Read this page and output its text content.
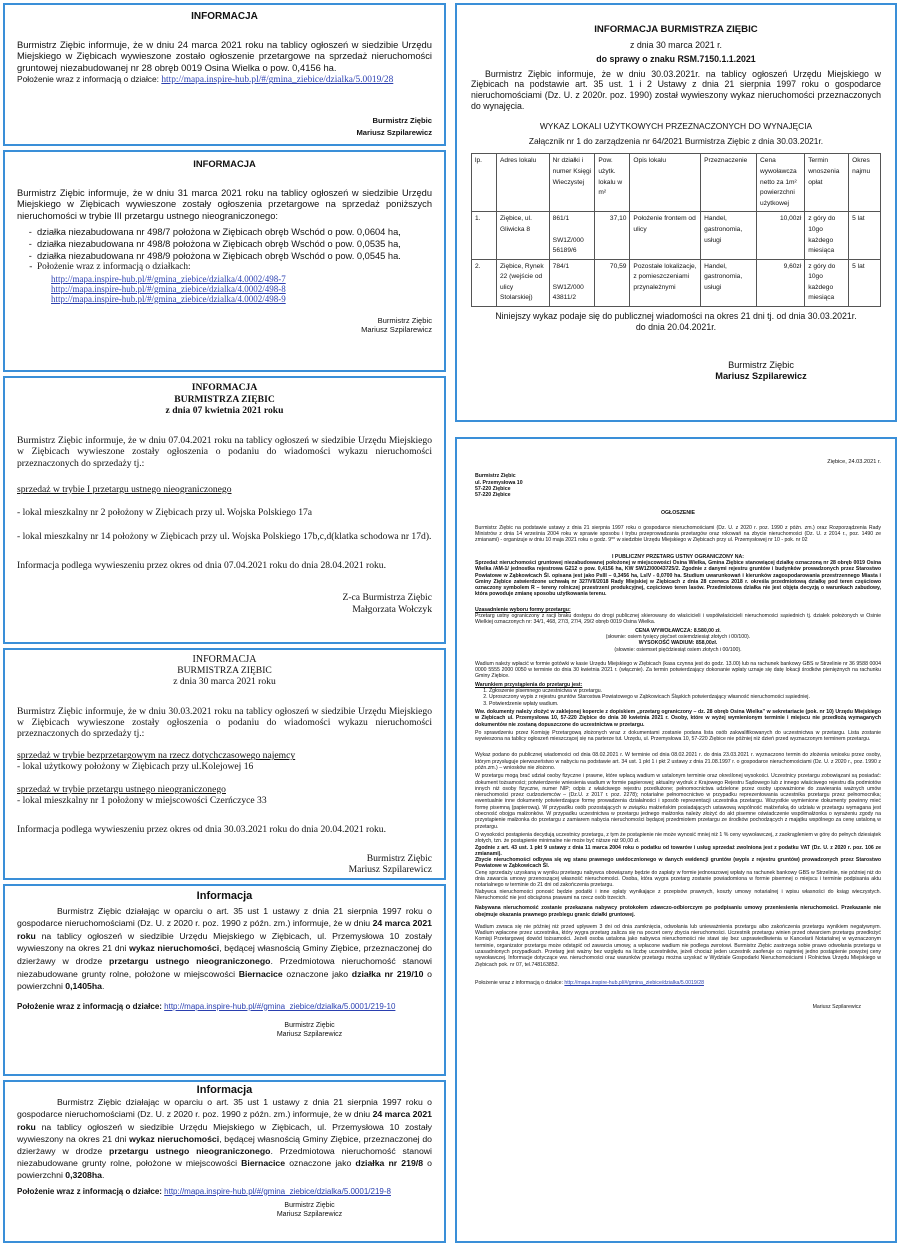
INFORMACJA

Burmistrz Ziębic informuje, że w dniu 24 marca 2021 roku na tablicy ogłoszeń w siedzibie Urzędu Miejskiego w Ziębicach wywieszone zostało ogłoszenie przetargowe na sprzedaż nieruchomości gruntowej niezabudowanej nr 28 obręb 0019 Osina Wielka o pow. 0,4156 ha.

Położenie wraz z informacją o działce: http://mapa.inspire-hub.pl/#/gmina_ziebice/dzialka/5.0019/28

Burmistrz Ziębic

Mariusz Szpilarewicz

INFORMACJA

Burmistrz Ziębic informuje, że w dniu 31 marca 2021 roku na tablicy ogłoszeń w siedzibie Urzędu Miejskiego w Ziębicach wywieszone zostały ogłoszenia przetargowe na sprzedaż poniższych nieruchomości w trybie III przetargu ustnego nieograniczonego:

- działka niezabudowana nr 498/7 położona w Ziębicach obręb Wschód o pow. 0,0604 ha,
- działka niezabudowana nr 498/8 położona w Ziębicach obręb Wschód o pow. 0,0535 ha,
- działka niezabudowana nr 498/9 położona w Ziębicach obręb Wschód o pow. 0,0545 ha.
- Położenie wraz z informacją o działkach:
http://mapa.inspire-hub.pl/#/gmina_ziebice/dzialka/4.0002/498-7
http://mapa.inspire-hub.pl/#/gmina_ziebice/dzialka/4.0002/498-8
http://mapa.inspire-hub.pl/#/gmina_ziebice/dzialka/4.0002/498-9

Burmistrz Ziębic

Mariusz Szpilarewicz

INFORMACJA

BURMISTRZA ZIĘBIC

z dnia 07 kwietnia 2021 roku

Burmistrz Ziębic informuje, że w dniu 07.04.2021 roku na tablicy ogłoszeń w siedzibie Urzędu Miejskiego w Ziębicach wywieszone zostały ogłoszenia o podaniu do wiadomości wykazu nieruchomości przeznaczonych do sprzedaży tj.:

sprzedaż w trybie I przetargu ustnego nieograniczonego

- lokal mieszkalny nr 2 położony w Ziębicach przy ul. Wojska Polskiego 17a

- lokal mieszkalny nr 14 położony w Ziębicach przy ul. Wojska Polskiego 17b,c,d(klatka schodowa nr 17d).

Informacja podlega wywieszeniu przez okres od dnia 07.04.2021 roku do dnia 28.04.2021 roku.

Z-ca Burmistrza Ziębic

Małgorzata Wołczyk

INFORMACJA

BURMISTRZA ZIĘBIC

z dnia 30 marca 2021 roku

Burmistrz Ziębic informuje, że w dniu 30.03.2021 roku na tablicy ogłoszeń w siedzibie Urzędu Miejskiego w Ziębicach wywieszone zostały ogłoszenia o podaniu do wiadomości wykazu nieruchomości przeznaczonych do sprzedaży tj.:

sprzedaż w trybie bezprzetargowym na rzecz dotychczasowego najemcy

- lokal użytkowy położony w Ziębicach przy ul.Kolejowej 16

sprzedaż w trybie przetargu ustnego nieograniczonego

- lokal mieszkalny nr 1 położony w miejscowości Czerńczyce 33

Informacja podlega wywieszeniu przez okres od dnia 30.03.2021 roku do dnia 20.04.2021 roku.

Burmistrz Ziębic

Mariusz Szpilarewicz

Informacja

Burmistrz Ziębic działając w oparciu o art. 35 ust 1 ustawy z dnia 21 sierpnia 1997 roku o gospodarce nieruchomościami (Dz. U. z 2020 r. poz. 1990 z późn. zm.) informuje, że w dniu 24 marca 2021 roku na tablicy ogłoszeń w siedzibie Urzędu Miejskiego w Ziębicach, ul. Przemysłowa 10 zostały wywieszony na okres 21 dni wykaz nieruchomości, będącej własnością Gminy Ziębice, przeznaczonej do dzierżawy w drodze przetargu ustnego nieograniczonego. Przedmiotowa nieruchomość stanowi niezabudowane grunty rolne, położone w miejscowości Biernacice oznaczone jako działka nr 219/10 o powierzchni 0,1405ha.

Położenie wraz z informacją o działce: http://mapa.inspire-hub.pl/#/gmina_ziebice/dzialka/5.0001/219-10

Burmistrz Ziębic

Mariusz Szpilarewicz

Informacja

Burmistrz Ziębic działając w oparciu o art. 35 ust 1 ustawy z dnia 21 sierpnia 1997 roku o gospodarce nieruchomościami (Dz. U. z 2020 r. poz. 1990 z późn. zm.) informuje, że w dniu 24 marca 2021 roku na tablicy ogłoszeń w siedzibie Urzędu Miejskiego w Ziębicach, ul. Przemysłowa 10 zostały wywieszony na okres 21 dni wykaz nieruchomości, będącej własnością Gminy Ziębice, przeznaczonej do dzierżawy w drodze przetargu ustnego nieograniczonego. Przedmiotowa nieruchomość stanowi niezabudowane grunty rolne, położone w miejscowości Biernacice oznaczone jako działka nr 219/8 o powierzchni 0,3208ha.

Położenie wraz z informacją o działce: http://mapa.inspire-hub.pl/#/gmina_ziebice/dzialka/5.0001/219-8

Burmistrz Ziębic

Mariusz Szpilarewicz

INFORMACJA BURMISTRZA ZIĘBIC

z dnia 30 marca 2021 r.

do sprawy o znaku RSM.7150.1.1.2021

Burmistrz Ziębic informuje, że w dniu 30.03.2021r. na tablicy ogłoszeń Urzędu Miejskiego w Ziębicach na podstawie art. 35 ust. 1 i 2 Ustawy z dnia 21 sierpnia 1997 roku o gospodarce nieruchomościami (Dz. U. z 2020r. poz. 1990) został wywieszony wykaz nieruchomości przeznaczonych do wynajęcia.

WYKAZ LOKALI UŻYTKOWYCH PRZEZNACZONYCH DO WYNAJĘCIA

Załącznik nr 1 do zarządzenia nr 64/2021 Burmistrza Ziębic z dnia 30.03.2021r.

lp.	Adres lokalu	Nr działki i numer Księgi Wieczystej	Pow. użytk. lokalu w m²	Opis lokalu	Przeznaczenie	Cena wywoławcza netto za 1m² powierzchni użytkowej	Termin wnoszenia opłat	Okres najmu
1.	Ziębice, ul. Gliwicka 8	861/1

SW1Z/000 56189/6	37,10	Położenie frontem od ulicy	Handel, gastronomia, usługi	10,00zł	z góry do 10go każdego miesiąca	5 lat
2.	Ziębice, Rynek 22 (wejście od ulicy Stolarskiej)	784/1

SW1Z/000 43811/2	70,59	Pozostałe lokalizacje, z pomieszczeniami przynależnymi	Handel, gastronomia, usługi	9,60zł	z góry do 10go każdego miesiąca	5 lat

Niniejszy wykaz podaje się do publicznej wiadomości na okres 21 dni tj. od dnia 30.03.2021r. do dnia 20.04.2021r.

Burmistrz Ziębic

Mariusz Szpilarewicz

Ziębice, 24.03.2021 r.

Burmistrz Ziębic
ul. Przemysłowa 10
57-220 Ziębice
57-220 Ziębice

OGŁOSZENIE

Burmistrz Ziębic na podstawie ustawy z dnia 21 sierpnia 1997 roku o gospodarce nieruchomościami (Dz. U. z 2020 r. poz. 1990 z późn. zm.) oraz Rozporządzenia Rady Ministrów z dnia 14 września 2004 roku w sprawie sposobu i trybu przeprowadzania przetargów oraz rokowań na zbycie nieruchomości (Dz. U. z 2014 r., poz. 1490 ze zmianami) - organizuje w dniu 10 maja 2021 roku o godz. 9⁰⁰ w siedzibie Urzędu Miejskiego w Ziębicach przy ul. Przemysłowej nr 10 - pok. nr 02

I PUBLICZNY PRZETARG USTNY OGRANICZONY NA:

Sprzedaż nieruchomości gruntowej niezabudowanej położonej w miejscowości Osina Wielka, Gmina Ziębice stanowiącej działkę oznaczoną nr 28 obręb 0019 Osina Wielka /AM-1/ jednostka rejestrowa G212 o pow. 0,4156 ha, KW SW1Z/00043725/2. Zgodnie z danymi rejestru gruntów i budynków prowadzonych przez Starostwo Powiatowe w Ząbkowicach Śl. opisana jest jako PsIII – 0,3456 ha, LsIV - 0,0700 ha. Studium uwarunkowań i kierunków zagospodarowania przestrzennego Miasta i Gminy Ziębice zatwierdzone uchwałą nr 327/VII/2018 Rady Miejskiej w Ziębicach z dnia 28 czerwca 2018 r. określa przedmiotową działkę pod teren częściowo oznaczony symbolem R – tereny rolniczej przestrzeni produkcyjnej, częściowo teren lasów. Przedmiotowa działka nie jest objęta decyzją o warunkach zabudowy, która powoduje zmianę sposobu użytkowania terenu.

Uzasadnienie wyboru formy przetargu:

Przetarg ustny ograniczony z racji braku dostępu do drogi publicznej skierowany do właścicieli i współwłaścicieli nieruchomości sąsiednich tj. działek położonych w Osinie Wielkiej oznaczonych nr: 34/1, 468, 27/3, 27/4, 29/2 obręb 0019 Osina Wielka.

CENA WYWOŁAWCZA: 8.580,00 zł.

(słownie: osiem tysięcy pięćset osiemdziesiąt złotych i 00/100).

WYSOKOŚĆ WADIUM: 858,00zł.

(słownie: osiemset pięćdziesiąt osiem złotych i 00/100).

Wadium należy wpłacić w formie gotówki w kasie Urzędu Miejskiego w Ziębicach (kasa czynna jest do godz. 13.00) lub na rachunek bankowy GBS w Strzelinie nr 36 9588 0004 0000 5555 2000 0050 w terminie do dnia 30 kwietnia 2021 r. (włącznie). Za termin potwierdzający dokonanie wpłaty uznaje się datę lokacji środków pieniężnych na rachunku Gminy Ziębice.

Warunkiem przystąpienia do przetargu jest:

1. Zgłoszenie pisemnego uczestnictwa w przetargu.
2. Uproszczony wypis z rejestru gruntów Starostwa Powiatowego w Ząbkowicach Śląskich potwierdzający własność nieruchomości sąsiedniej.
3. Potwierdzenie wpłaty wadium.

Ww. dokumenty należy złożyć w zaklejonej kopercie z dopiskiem „przetarg ograniczony – dz. 28 obręb Osina Wielka” w sekretariacie (pok. nr 10) Urzędu Miejskiego w Ziębicach ul. Przemysłowa 10, 57-220 Ziębice do dnia 30 kwietnia 2021 r. Osoby, które w wyżej wymienionym terminie i miejscu nie przedłożą wymaganych dokumentów nie zostaną dopuszczone do uczestnictwa w przetargu.

Po sprawdzeniu przez Komisję Przetargową złożonych wraz z dokumentami zostanie podana lista osób zakwalifikowanych do uczestnictwa w przetargu. Lista zostanie wywieszona na tablicy ogłoszeń mieszczącej się na parterze tut. Urzędu, ul. Przemysłowa 10, 57-220 Ziębice nie później niż dzień przed wyznaczonym terminem przetargu.

Wykaz podano do publicznej wiadomości od dnia 08.02.2021 r. W terminie od dnia 08.02.2021 r. do dnia 23.03.2021 r. wyznaczono termin do złożenia wniosku przez osoby, którym przysługuje pierwszeństwo w nabyciu na podstawie art. 34 ust. 1 pkt 1 i pkt 2 ustawy z dnia 21.08.1997 r. o gospodarce nieruchomościami (Dz. U. z 2020 r., poz. 1990 z późn.zm.) – wniosków nie złożono.

W przetargu mogą brać udział osoby fizyczne i prawne, które wpłacą wadium w ustalonym terminie oraz określonej wysokości. Uczestnicy przetargu zobowiązani są posiadać: dokument tożsamości; potwierdzenie wniesienia wadium w formie papierowej; aktualny wydruk z Krajowego Rejestru Sądowego lub z innego właściwego rejestru dla podmiotów innych niż osoby fizyczne, numer NIP; odpis z właściwego rejestru przedłużone; pełnomocnictwa udzielone przez osoby upoważnione do zawierania ważnych umów nieruchomości przez cudzoziemców – (Dz.U. z 2017 r. poz. 2278); notarialne pełnomocnictwo w przypadku reprezentowania uczestnika przetargu przez pełnomocnika; ewentualnie inne dokumenty potwierdzające formę prowadzenia działalności i sposób reprezentacji uczestnika przetargu. Wszystkie wymienione dokumenty powinny mieć formę pisemną (papierową). W przypadku osób pozostających w związku małżeńskim posiadających ustawową wspólność małżeńską do udziału w przetargu wymagana jest obecność obojga małżonków. W przypadku uczestnictwa w przetargu jednego małżonka należy złożyć do akt pisemne oświadczenie współmałżonka o wyrażeniu zgody na przystąpienie małżonka do przetargu z zamiarem nabycia nieruchomości będącej przedmiotem przetargu ze środków pochodzących z majątku wspólnego za cenę ustaloną w przetargu.

O wysokości postąpienia decydują uczestnicy przetargu, z tym że postąpienie nie może wynosić mniej niż 1 % ceny wywoławczej, z zaokrągleniem w górę do pełnych dziesiątek złotych, tzn. że postąpienie minimalne nie może być niższe niż 90,00 zł.

Zgodnie z art. 43 ust. 1 pkt 9 ustawy z dnia 11 marca 2004 roku o podatku od towarów i usług sprzedaż zwolniona jest z podatku VAT (Dz. U. z 2020 r. poz. 106 ze zmianami).

Zbycie nieruchomości odbywa się wg stanu prawnego uwidocznionego w danych ewidencji gruntów (wypis z rejestru gruntów) prowadzonych przez Starostwo Powiatowe w Ząbkowicach Śl.

Cenę sprzedaży uzyskaną w wyniku przetargu nabywca obowiązany będzie do zapłaty w formie jednorazowej wpłaty na rachunek bankowy GBS w Strzelinie, nie później niż do dnia zawarcia umowy przenoszącej własność nieruchomości. Osoba, która wygra przetarg zostanie powiadomiona w formie pisemnej o miejscu i terminie podpisania aktu notarialnego w terminie do 21 dni od zakończenia przetargu.

Nabywca nieruchomości ponosić będzie podatki i inne opłaty wynikające z przepisów prawnych, koszty umowy notarialnej i wpisu własności do ksiąg wieczystych. Nieruchomość nie jest obciążona prawami na rzecz osób trzecich.

Nabywana nieruchomość zostanie przekazana nabywcy protokołem zdawczo-odbiorczym po podpisaniu umowy przeniesienia nieruchomości. Przekazanie nie obejmuje okazania prawnego przebiegu granic działki gruntowej.

Wadium zwraca się nie później niż przed upływem 3 dni od dnia zamknięcia, odwołania lub unieważnienia przetargu albo zakończenia przetargu wynikiem negatywnym. Wadium wpłacone przez uczestnika, który wygra przetarg zalicza się na poczet ceny zbycia nieruchomości. Uczestnik przetargu winien przed otwarciem przetargu przedłożyć Komisji Przetargowej dowód tożsamości. Jeżeli osoba ustalona jako nabywca nieruchomości nie stawi się bez usprawiedliwienia w Kancelarii Notarialnej w wyznaczonym terminie, organizator przetargu może odstąpić od zawarcia umowy, a wpłacone wadium nie podlega zwrotowi. Burmistrz Ziębic zastrzega sobie prawo odwołania przetargu w uzasadnionych przypadkach. Przetarg jest ważny bez względu na liczbę uczestników, jeżeli chociaż jeden uczestnik zaoferuje co najmniej jedno postąpienie powyżej ceny wywoławczej. Informacje dotyczące ww. nieruchomości oraz warunków przetargu można uzyskać w Wydziale Gospodarki Nieruchomościami i Rolnictwa Urzędu Miejskiego w Ziębicach pok. nr 07, tel.748163852.

Położenie wraz z informacją o działce: http://mapa.inspire-hub.pl/#/gmina_ziebice/dzialka/5.0019/28

Mariusz Szpilarewicz
